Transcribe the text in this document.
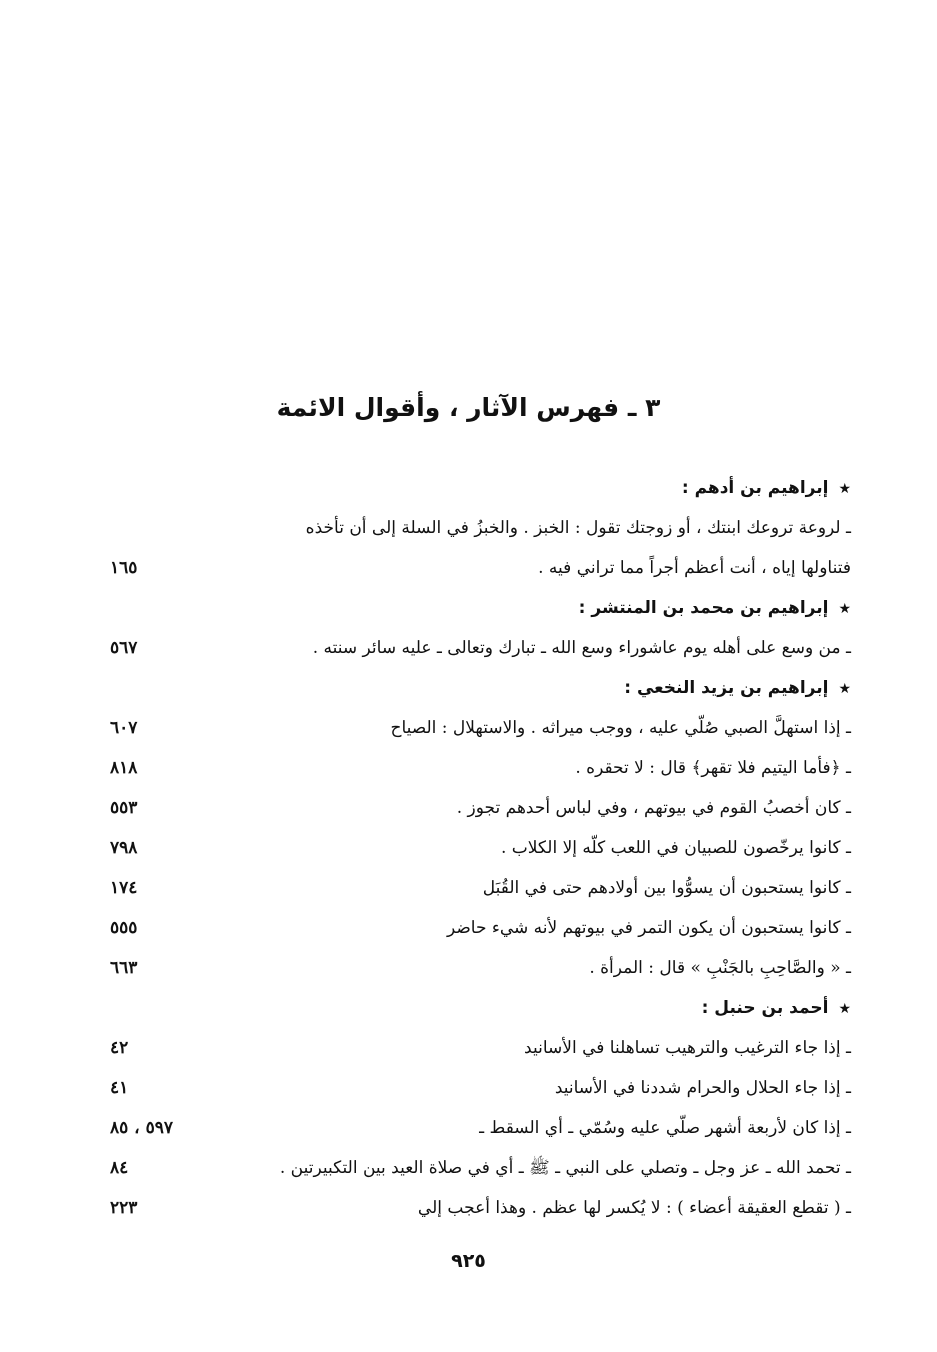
٣ ـ فهرس الآثار ، وأقوال الائمة
★إبراهيم بن أدهم :
ـ لروعة تروعك ابنتك ، أو زوجتك تقول : الخبز . والخبزُ في السلة إلى أن تأخذه
فتناولها إياه ، أنت أعظم أجراً مما تراني فيه .
١٦٥
★إبراهيم بن محمد بن المنتشر :
ـ من وسع على أهله يوم عاشوراء وسع الله ـ تبارك وتعالى ـ عليه سائر سنته .
٥٦٧
★إبراهيم بن يزيد النخعي :
ـ إذا استهلَّ الصبي صُلّي عليه ، ووجب ميراثه . والاستهلال : الصياح
٦٠٧
ـ ﴿فأما اليتيم فلا تقهر﴾ قال : لا تحقره .
٨١٨
ـ كان أخصبُ القوم في بيوتهم ، وفي لباس أحدهم تجوز .
٥٥٣
ـ كانوا يرخّصون للصبيان في اللعب كلّه إلا الكلاب .
٧٩٨
ـ كانوا يستحبون أن يسوُّوا بين أولادهم حتى في القُبَل
١٧٤
ـ كانوا يستحبون أن يكون التمر في بيوتهم لأنه شيء حاضر
٥٥٥
ـ « والصَّاحِبِ بالجَنْبِ » قال : المرأة .
٦٦٣
★أحمد بن حنبل :
ـ إذا جاء الترغيب والترهيب تساهلنا في الأسانيد
٤٢
ـ إذا جاء الحلال والحرام شددنا في الأسانيد
٤١
ـ إذا كان لأربعة أشهر صلّي عليه وسُمّي ـ أي السقط ـ
٥٩٧ ، ٨٥
ـ تحمد الله ـ عز وجل ـ وتصلي على النبي ـ ﷺ ـ أي في صلاة العيد بين التكبيرتين .
٨٤
ـ ( تقطع العقيقة أعضاء ) : لا يُكسر لها عظم . وهذا أعجب إلي
٢٢٣
٩٢٥
